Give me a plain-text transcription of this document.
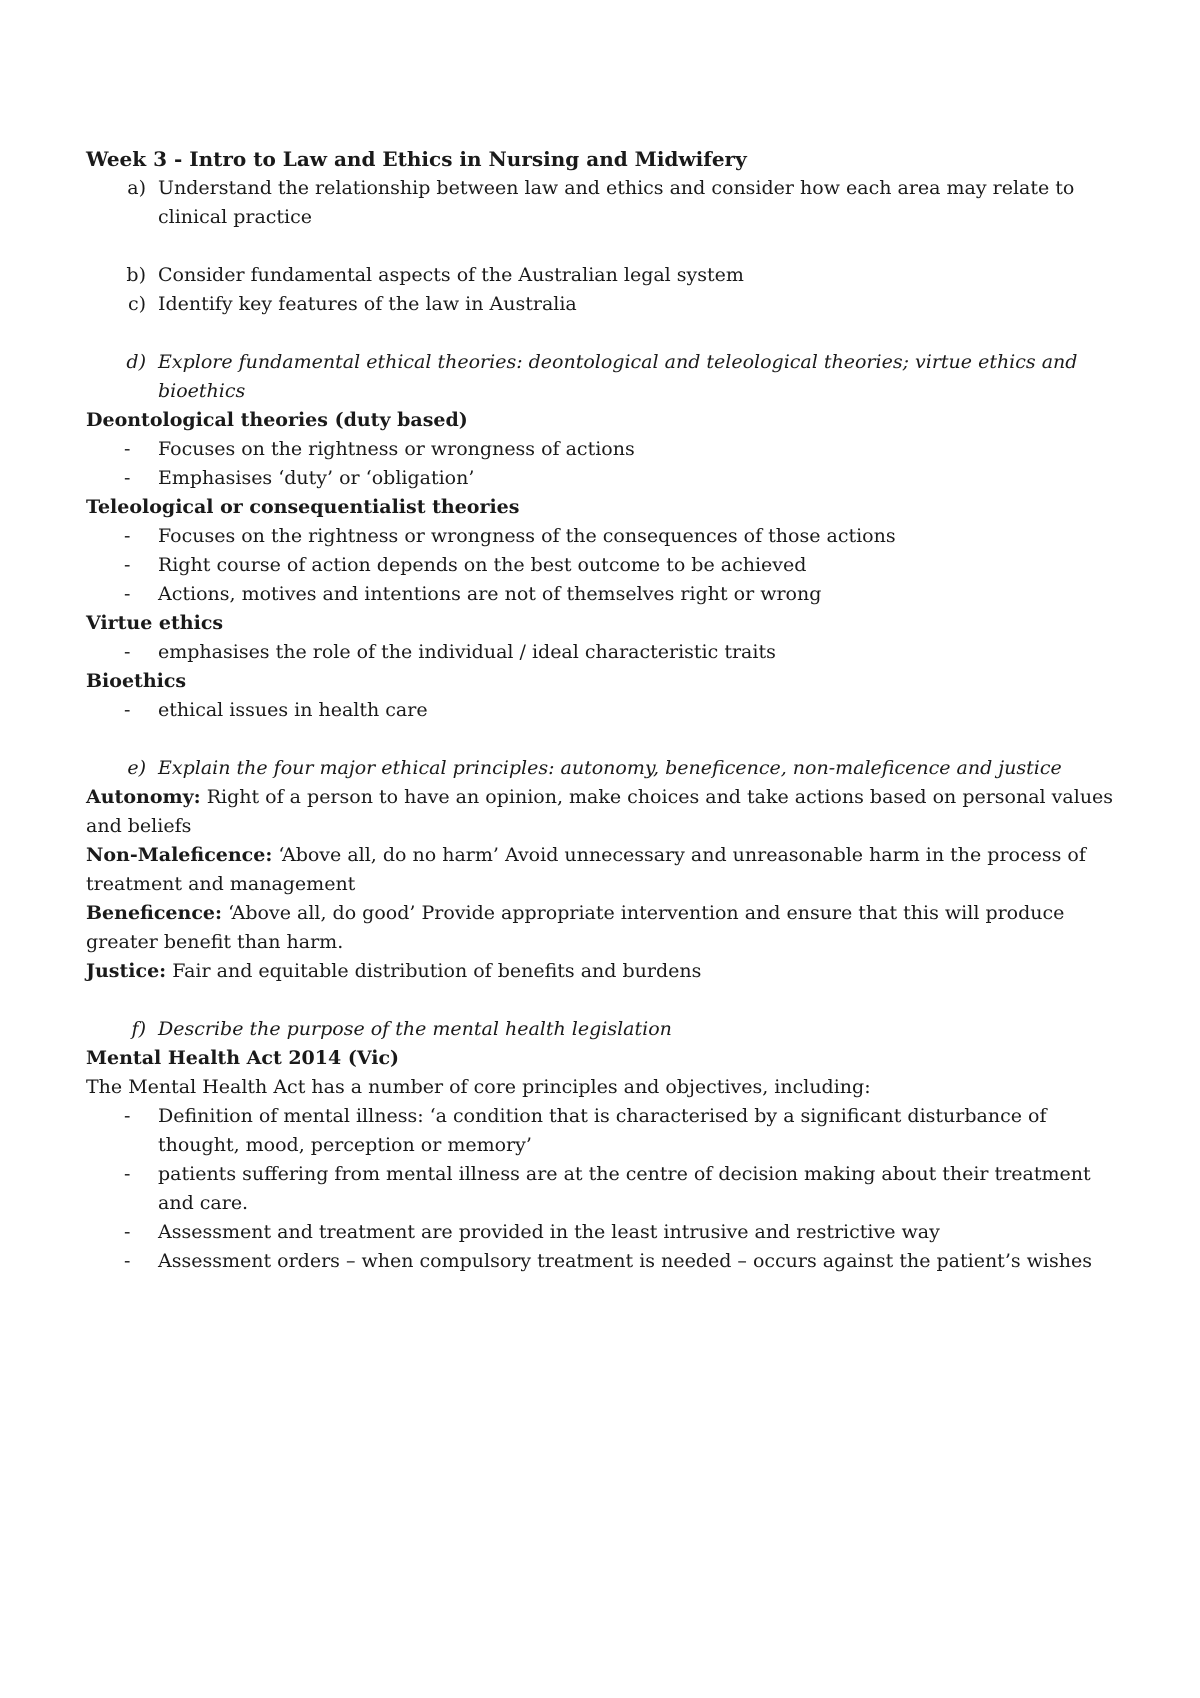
Week 3 - Intro to Law and Ethics in Nursing and Midwifery

a) Understand the relationship between law and ethics and consider how each area may relate to clinical practice
b) Consider fundamental aspects of the Australian legal system
c) Identify key features of the law in Australia
d) Explore fundamental ethical theories: deontological and teleological theories; virtue ethics and bioethics

Deontological theories (duty based)

-	Focuses on the rightness or wrongness of actions
-	Emphasises ‘duty’ or ‘obligation’

Teleological or consequentialist theories

-	Focuses on the rightness or wrongness of the consequences of those actions
-	Right course of action depends on the best outcome to be achieved
-	Actions, motives and intentions are not of themselves right or wrong

Virtue ethics

-	emphasises the role of the individual / ideal characteristic traits

Bioethics

-	ethical issues in health care
e) Explain the four major ethical principles: autonomy, beneficence, non-maleficence and justice

Autonomy: Right of a person to have an opinion, make choices and take actions based on personal values and beliefs

Non-Maleficence: ‘Above all, do no harm’ Avoid unnecessary and unreasonable harm in the process of treatment and management

Beneficence: ‘Above all, do good’ Provide appropriate intervention and ensure that this will produce greater benefit than harm.

Justice: Fair and equitable distribution of benefits and burdens

f) Describe the purpose of the mental health legislation

Mental Health Act 2014 (Vic)

The Mental Health Act has a number of core principles and objectives, including:

-	Definition of mental illness: ‘a condition that is characterised by a significant disturbance of thought, mood, perception or memory’
-	patients suffering from mental illness are at the centre of decision making about their treatment and care.
-	Assessment and treatment are provided in the least intrusive and restrictive way
-	Assessment orders – when compulsory treatment is needed – occurs against the patient’s wishes
